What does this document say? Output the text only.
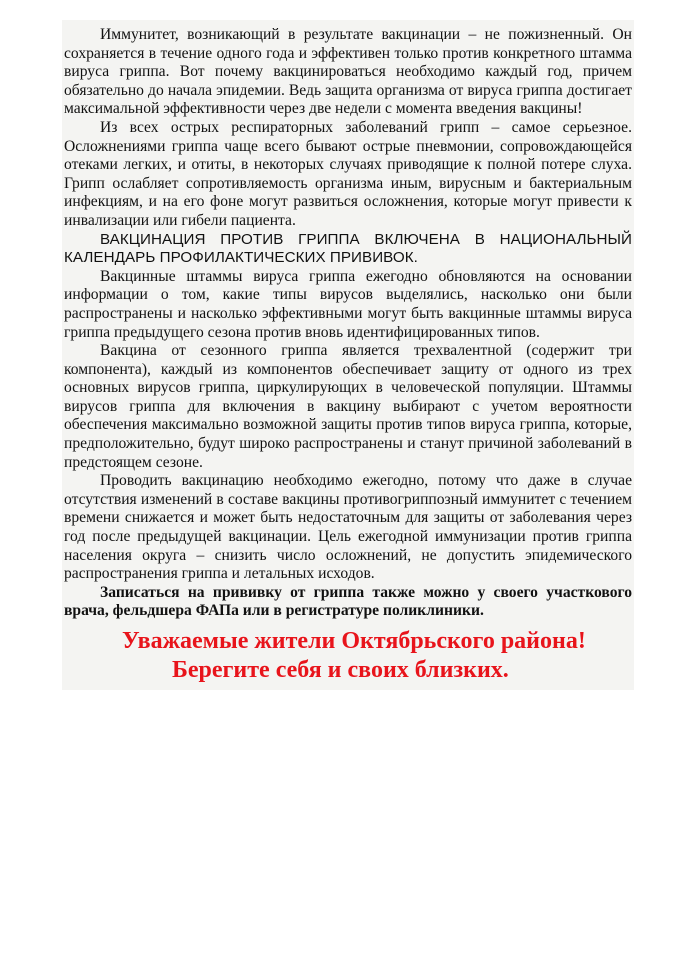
Иммунитет, возникающий в результате вакцинации – не пожизненный. Он сохраняется в течение одного года и эффективен только против конкретного штамма вируса гриппа. Вот почему вакцинироваться необходимо каждый год, причем обязательно до начала эпидемии. Ведь защита организма от вируса гриппа достигает максимальной эффективности через две недели с момента введения вакцины!

Из всех острых респираторных заболеваний грипп – самое серьезное. Осложнениями гриппа чаще всего бывают острые пневмонии, сопровождающейся отеками легких, и отиты, в некоторых случаях приводящие к полной потере слуха. Грипп ослабляет сопротивляемость организма иным, вирусным и бактериальным инфекциям, и на его фоне могут развиться осложнения, которые могут привести к инвализации или гибели пациента.

ВАКЦИНАЦИЯ ПРОТИВ ГРИППА ВКЛЮЧЕНА В НАЦИОНАЛЬНЫЙ КАЛЕНДАРЬ ПРОФИЛАКТИЧЕСКИХ ПРИВИВОК.

Вакцинные штаммы вируса гриппа ежегодно обновляются на основании информации о том, какие типы вирусов выделялись, насколько они были распространены и насколько эффективными могут быть вакцинные штаммы вируса гриппа предыдущего сезона против вновь идентифицированных типов.

Вакцина от сезонного гриппа является трехвалентной (содержит три компонента), каждый из компонентов обеспечивает защиту от одного из трех основных вирусов гриппа, циркулирующих в человеческой популяции. Штаммы вирусов гриппа для включения в вакцину выбирают с учетом вероятности обеспечения максимально возможной защиты против типов вируса гриппа, которые, предположительно, будут широко распространены и станут причиной заболеваний в предстоящем сезоне.

Проводить вакцинацию необходимо ежегодно, потому что даже в случае отсутствия изменений в составе вакцины противогриппозный иммунитет с течением времени снижается и может быть недостаточным для защиты от заболевания через год после предыдущей вакцинации. Цель ежегодной иммунизации против гриппа населения округа – снизить число осложнений, не допустить эпидемического распространения гриппа и летальных исходов.

Записаться на прививку от гриппа также можно у своего участкового врача, фельдшера ФАПа или в регистратуре поликлиники.

Уважаемые жители Октябрьского района!
Берегите себя и своих близких.
